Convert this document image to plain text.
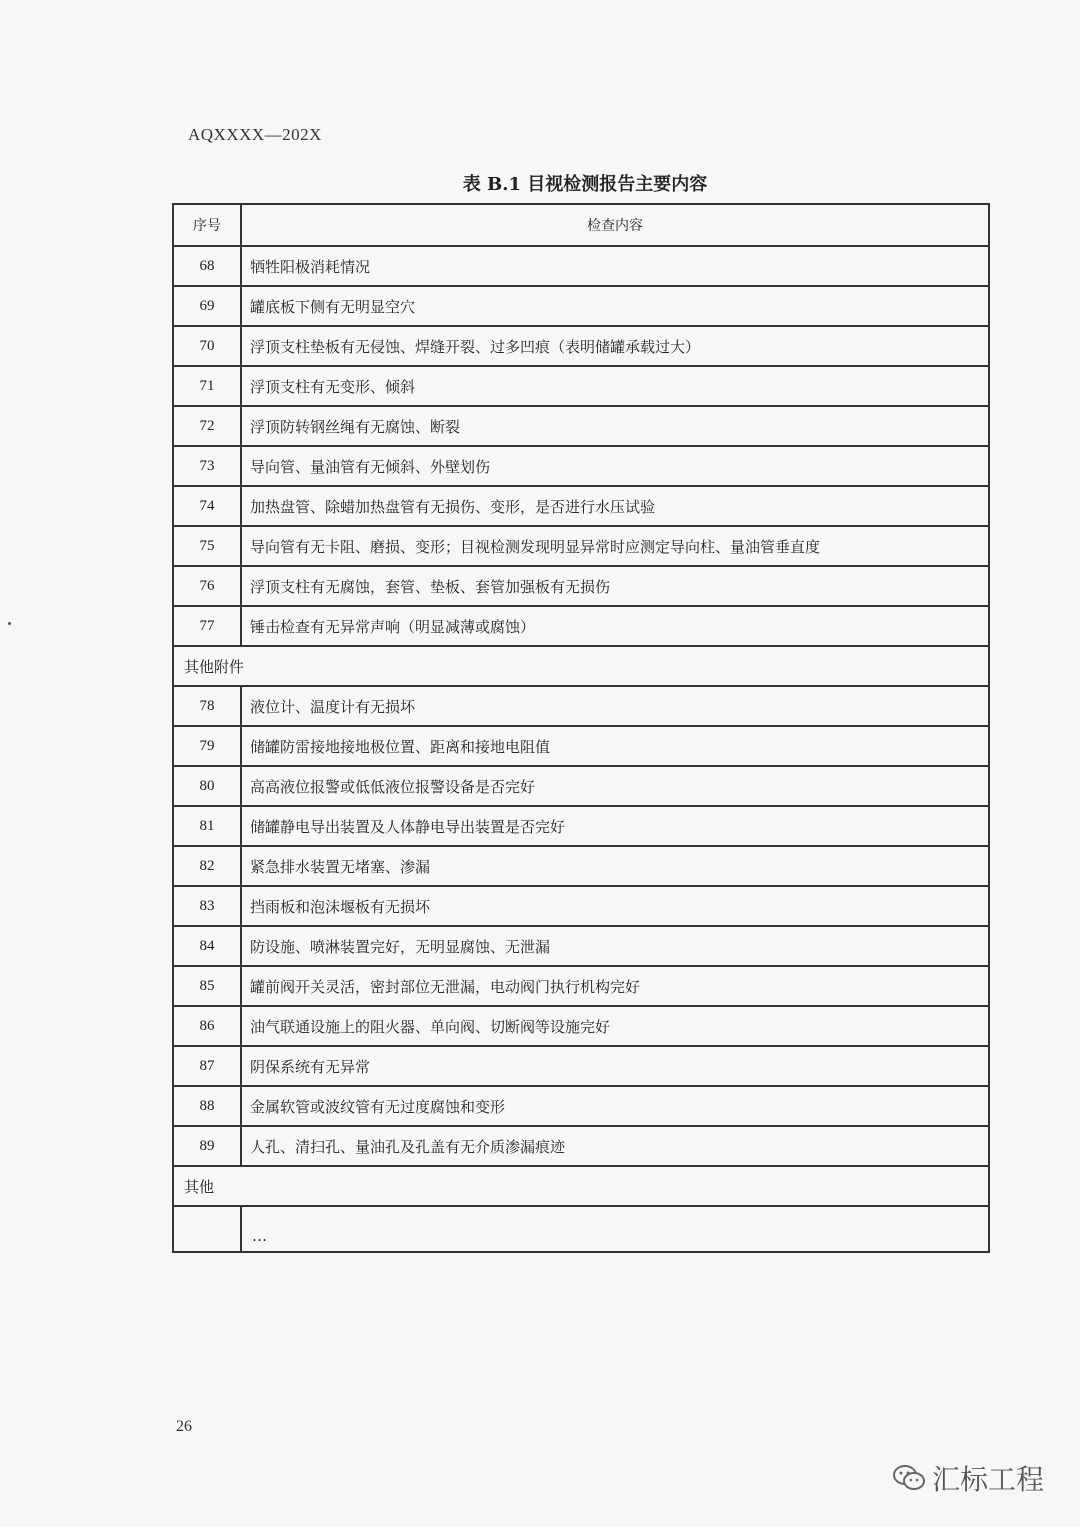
AQXXXX—202X
表 B.1 目视检测报告主要内容
序号	检查内容
68	牺牲阳极消耗情况
69	罐底板下侧有无明显空穴
70	浮顶支柱垫板有无侵蚀、焊缝开裂、过多凹痕（表明储罐承载过大）
71	浮顶支柱有无变形、倾斜
72	浮顶防转钢丝绳有无腐蚀、断裂
73	导向管、量油管有无倾斜、外壁划伤
74	加热盘管、除蜡加热盘管有无损伤、变形，是否进行水压试验
75	导向管有无卡阻、磨损、变形；目视检测发现明显异常时应测定导向柱、量油管垂直度
76	浮顶支柱有无腐蚀，套管、垫板、套管加强板有无损伤
77	锤击检查有无异常声响（明显减薄或腐蚀）
其他附件	
78	液位计、温度计有无损坏
79	储罐防雷接地接地极位置、距离和接地电阻值
80	高高液位报警或低低液位报警设备是否完好
81	储罐静电导出装置及人体静电导出装置是否完好
82	紧急排水装置无堵塞、渗漏
83	挡雨板和泡沫堰板有无损坏
84	防设施、喷淋装置完好，无明显腐蚀、无泄漏
85	罐前阀开关灵活，密封部位无泄漏，电动阀门执行机构完好
86	油气联通设施上的阻火器、单向阀、切断阀等设施完好
87	阴保系统有无异常
88	金属软管或波纹管有无过度腐蚀和变形
89	人孔、清扫孔、量油孔及孔盖有无介质渗漏痕迹
其他	
	…
26
汇标工程
